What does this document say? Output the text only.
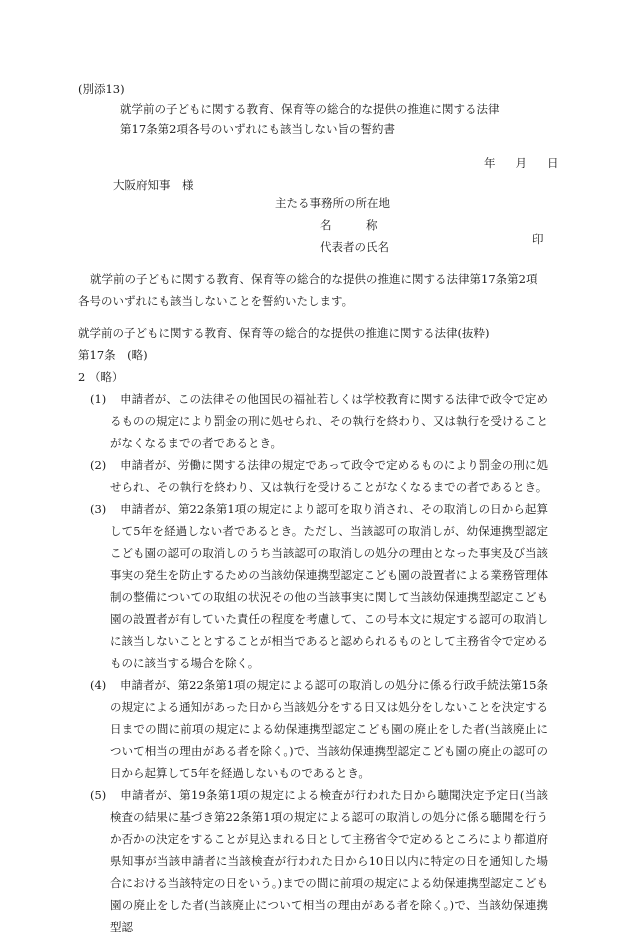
(別添13)
就学前の子どもに関する教育、保育等の総合的な提供の推進に関する法律
第17条第2項各号のいずれにも該当しない旨の誓約書
年 月 日
大阪府知事　様
主たる事務所の所在地
名　　　称
代表者の氏名
印
就学前の子どもに関する教育、保育等の総合的な提供の推進に関する法律第17条第2項各号のいずれにも該当しないことを誓約いたします。
就学前の子どもに関する教育、保育等の総合的な提供の推進に関する法律(抜粋)
第17条　(略)
2 （略）
(1) 申請者が、この法律その他国民の福祉若しくは学校教育に関する法律で政令で定めるものの規定により罰金の刑に処せられ、その執行を終わり、又は執行を受けることがなくなるまでの者であるとき。
(2) 申請者が、労働に関する法律の規定であって政令で定めるものにより罰金の刑に処せられ、その執行を終わり、又は執行を受けることがなくなるまでの者であるとき。
(3) 申請者が、第22条第1項の規定により認可を取り消され、その取消しの日から起算して5年を経過しない者であるとき。ただし、当該認可の取消しが、幼保連携型認定こども園の認可の取消しのうち当該認可の取消しの処分の理由となった事実及び当該事実の発生を防止するための当該幼保連携型認定こども園の設置者による業務管理体制の整備についての取組の状況その他の当該事実に関して当該幼保連携型認定こども園の設置者が有していた責任の程度を考慮して、この号本文に規定する認可の取消しに該当しないこととすることが相当であると認められるものとして主務省令で定めるものに該当する場合を除く。
(4) 申請者が、第22条第1項の規定による認可の取消しの処分に係る行政手続法第15条の規定による通知があった日から当該処分をする日又は処分をしないことを決定する日までの間に前項の規定による幼保連携型認定こども園の廃止をした者(当該廃止について相当の理由がある者を除く。)で、当該幼保連携型認定こども園の廃止の認可の日から起算して5年を経過しないものであるとき。
(5) 申請者が、第19条第1項の規定による検査が行われた日から聴聞決定予定日(当該検査の結果に基づき第22条第1項の規定による認可の取消しの処分に係る聴聞を行うか否かの決定をすることが見込まれる日として主務省令で定めるところにより都道府県知事が当該申請者に当該検査が行われた日から10日以内に特定の日を通知した場合における当該特定の日をいう。)までの間に前項の規定による幼保連携型認定こども園の廃止をした者(当該廃止について相当の理由がある者を除く。)で、当該幼保連携型認
